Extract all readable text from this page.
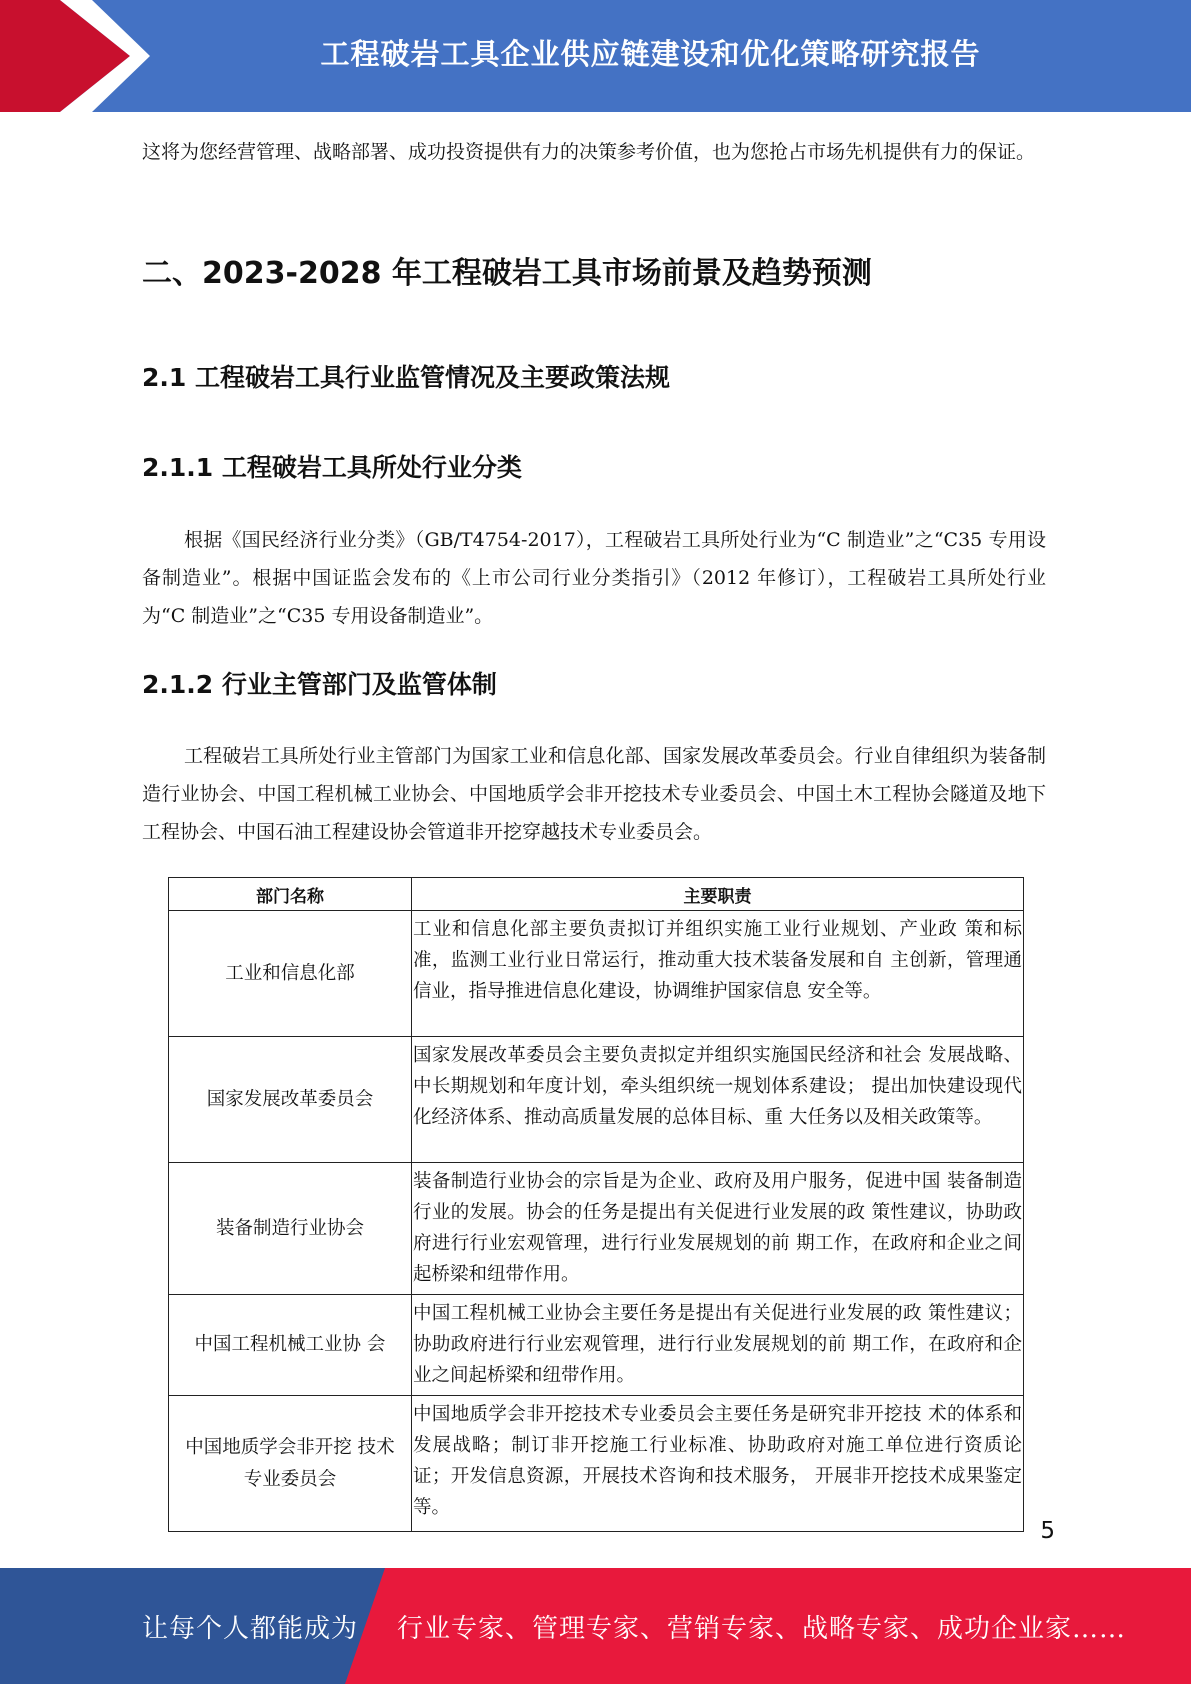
工程破岩工具企业供应链建设和优化策略研究报告

这将为您经营管理、战略部署、成功投资提供有力的决策参考价值，也为您抢占市场先机提供有力的保证。

二、2023-2028 年工程破岩工具市场前景及趋势预测
2.1 工程破岩工具行业监管情况及主要政策法规
2.1.1 工程破岩工具所处行业分类

根据《国民经济行业分类》（GB/T4754-2017），工程破岩工具所处行业为“C 制造业”之“C35 专用设备制造业”。根据中国证监会发布的《上市公司行业分类指引》（2012 年修订），工程破岩工具所处行业为“C 制造业”之“C35 专用设备制造业”。

2.1.2 行业主管部门及监管体制

工程破岩工具所处行业主管部门为国家工业和信息化部、国家发展改革委员会。行业自律组织为装备制造行业协会、中国工程机械工业协会、中国地质学会非开挖技术专业委员会、中国土木工程协会隧道及地下工程协会、中国石油工程建设协会管道非开挖穿越技术专业委员会。

部门名称	主要职责
工业和信息化部	工业和信息化部主要负责拟订并组织实施工业行业规划、产业政 策和标准，监测工业行业日常运行，推动重大技术装备发展和自 主创新，管理通信业，指导推进信息化建设，协调维护国家信息 安全等。
国家发展改革委员会	国家发展改革委员会主要负责拟定并组织实施国民经济和社会 发展战略、中长期规划和年度计划，牵头组织统一规划体系建设； 提出加快建设现代化经济体系、推动高质量发展的总体目标、重 大任务以及相关政策等。
装备制造行业协会	装备制造行业协会的宗旨是为企业、政府及用户服务，促进中国 装备制造行业的发展。协会的任务是提出有关促进行业发展的政 策性建议，协助政府进行行业宏观管理，进行行业发展规划的前 期工作，在政府和企业之间起桥梁和纽带作用。
中国工程机械工业协 会	中国工程机械工业协会主要任务是提出有关促进行业发展的政 策性建议；协助政府进行行业宏观管理，进行行业发展规划的前 期工作，在政府和企业之间起桥梁和纽带作用。
中国地质学会非开挖 技术专业委员会	中国地质学会非开挖技术专业委员会主要任务是研究非开挖技 术的体系和发展战略；制订非开挖施工行业标准、协助政府对施工单位进行资质论证；开发信息资源，开展技术咨询和技术服务， 开展非开挖技术成果鉴定等。
5
让每个人都能成为 行业专家、管理专家、营销专家、战略专家、成功企业家……
